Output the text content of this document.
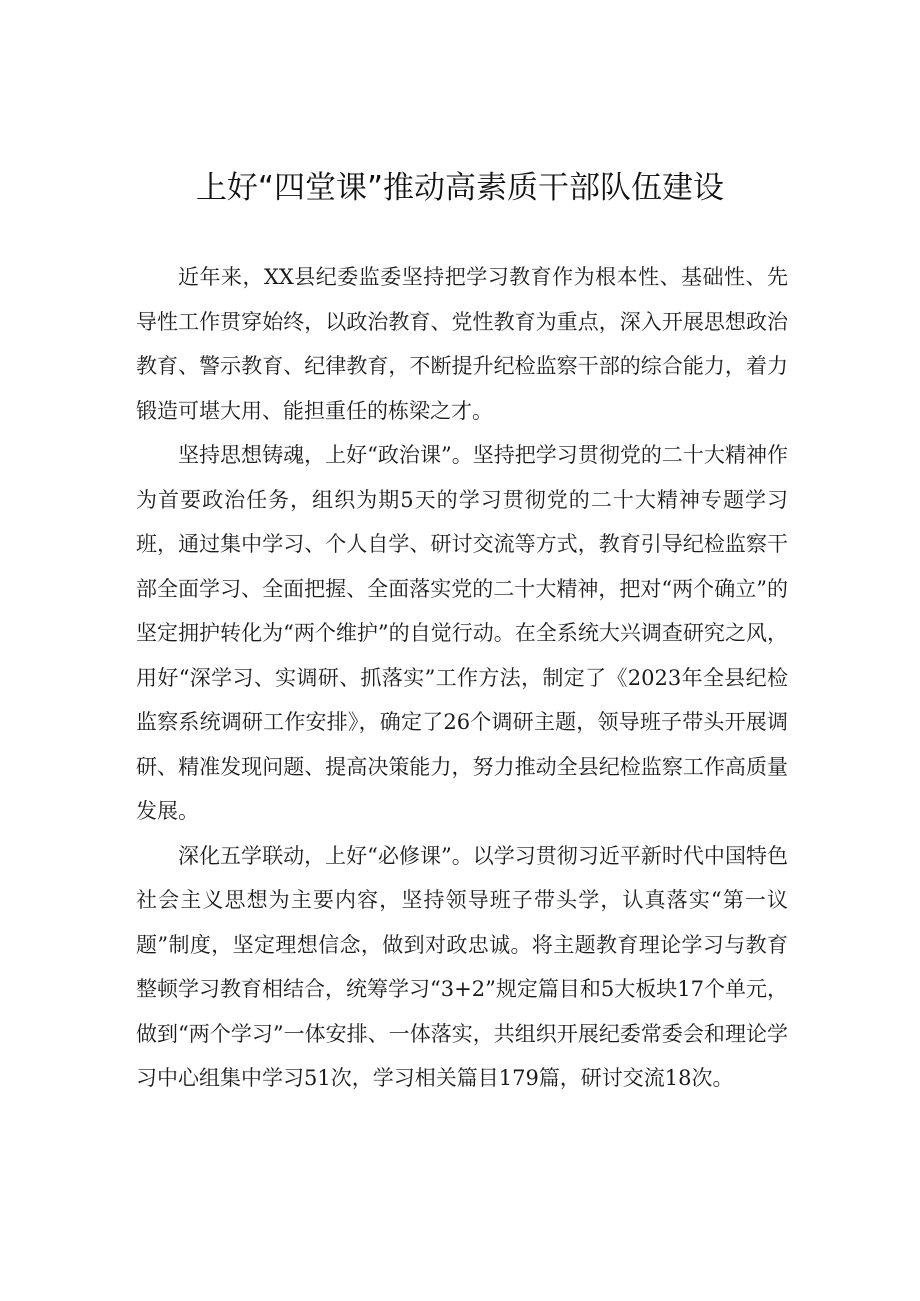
上好“四堂课”推动高素质干部队伍建设

近年来，XX县纪委监委坚持把学习教育作为根本性、基础性、先导性工作贯穿始终，以政治教育、党性教育为重点，深入开展思想政治教育、警示教育、纪律教育，不断提升纪检监察干部的综合能力，着力锻造可堪大用、能担重任的栋梁之才。

坚持思想铸魂，上好“政治课”。坚持把学习贯彻党的二十大精神作为首要政治任务，组织为期5天的学习贯彻党的二十大精神专题学习班，通过集中学习、个人自学、研讨交流等方式，教育引导纪检监察干部全面学习、全面把握、全面落实党的二十大精神，把对“两个确立”的坚定拥护转化为“两个维护”的自觉行动。在全系统大兴调查研究之风，用好“深学习、实调研、抓落实”工作方法，制定了《2023年全县纪检监察系统调研工作安排》，确定了26个调研主题，领导班子带头开展调研、精准发现问题、提高决策能力，努力推动全县纪检监察工作高质量发展。

深化五学联动，上好“必修课”。以学习贯彻习近平新时代中国特色社会主义思想为主要内容，坚持领导班子带头学，认真落实“第一议题”制度，坚定理想信念，做到对政忠诚。将主题教育理论学习与教育整顿学习教育相结合，统筹学习“3+2”规定篇目和5大板块17个单元，做到“两个学习”一体安排、一体落实，共组织开展纪委常委会和理论学习中心组集中学习51次，学习相关篇目179篇，研讨交流18次。
